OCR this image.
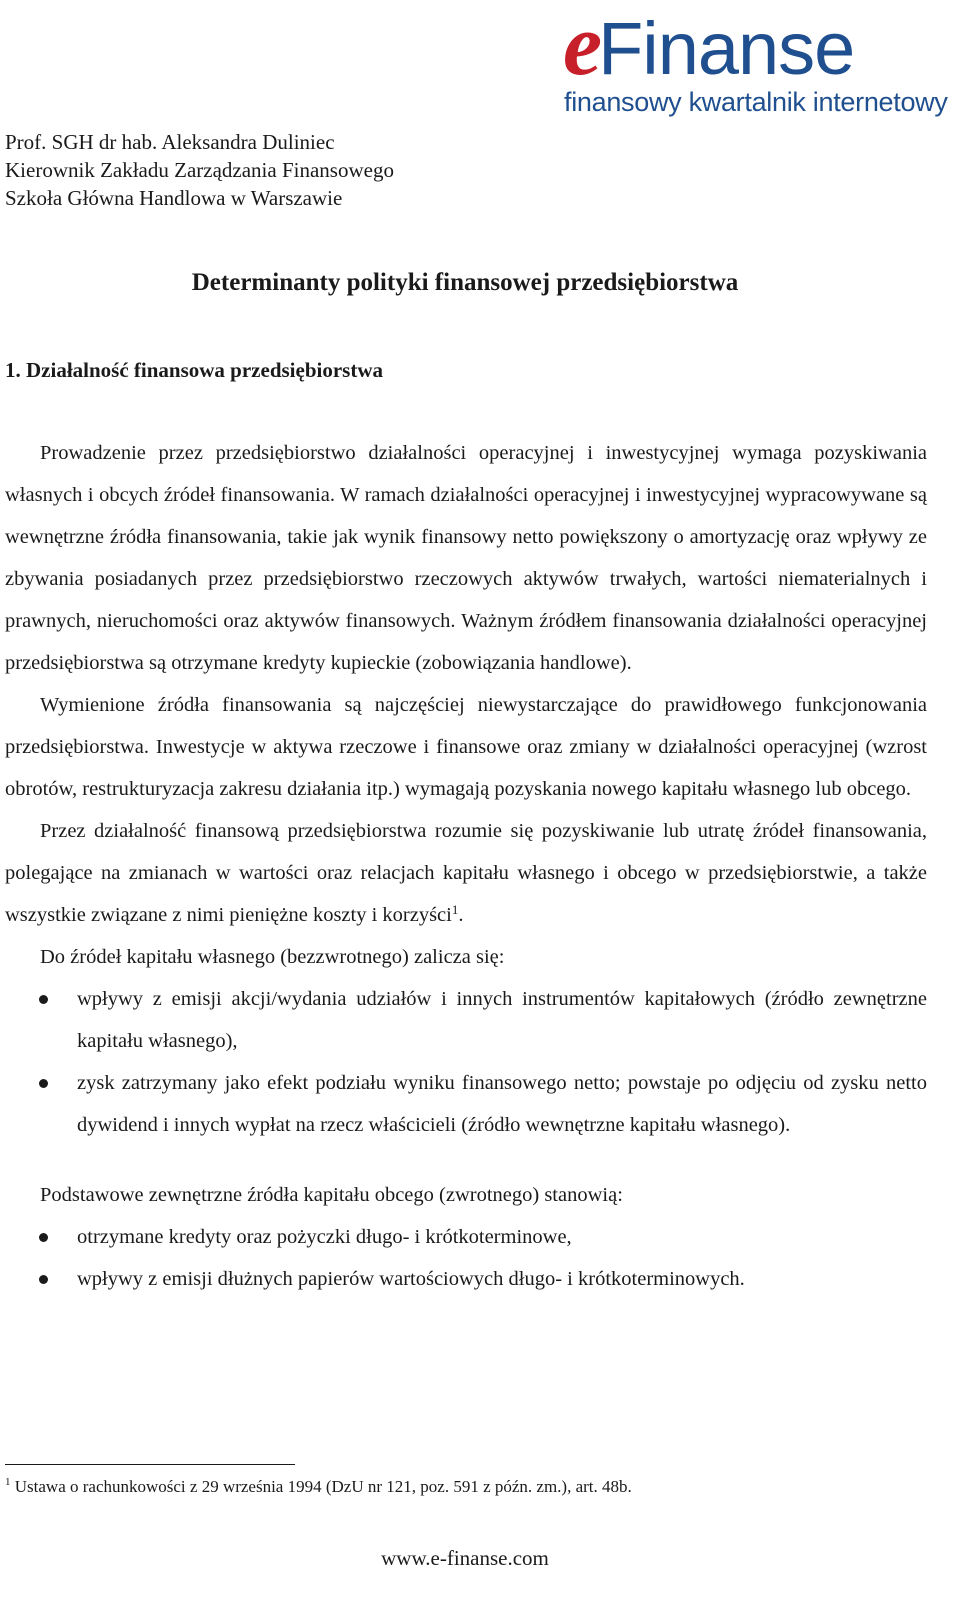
eFinanse
finansowy kwartalnik internetowy
Prof. SGH dr hab. Aleksandra Duliniec
Kierownik Zakładu Zarządzania Finansowego
Szkoła Główna Handlowa w Warszawie
Determinanty polityki finansowej przedsiębiorstwa
1. Działalność finansowa przedsiębiorstwa

Prowadzenie przez przedsiębiorstwo działalności operacyjnej i inwestycyjnej wymaga pozyskiwania własnych i obcych źródeł finansowania. W ramach działalności operacyjnej i inwestycyjnej wypracowywane są wewnętrzne źródła finansowania, takie jak wynik finansowy netto powiększony o amortyzację oraz wpływy ze zbywania posiadanych przez przedsiębiorstwo rzeczowych aktywów trwałych, wartości niematerialnych i prawnych, nieruchomości oraz aktywów finansowych. Ważnym źródłem finansowania działalności operacyjnej przedsiębiorstwa są otrzymane kredyty kupieckie (zobowiązania handlowe).

Wymienione źródła finansowania są najczęściej niewystarczające do prawidłowego funkcjonowania przedsiębiorstwa. Inwestycje w aktywa rzeczowe i finansowe oraz zmiany w działalności operacyjnej (wzrost obrotów, restrukturyzacja zakresu działania itp.) wymagają pozyskania nowego kapitału własnego lub obcego.

Przez działalność finansową przedsiębiorstwa rozumie się pozyskiwanie lub utratę źródeł finansowania, polegające na zmianach w wartości oraz relacjach kapitału własnego i obcego w przedsiębiorstwie, a także wszystkie związane z nimi pieniężne koszty i korzyści$^1$.

Do źródeł kapitału własnego (bezzwrotnego) zalicza się:

wpływy z emisji akcji/wydania udziałów i innych instrumentów kapitałowych (źródło zewnętrzne kapitału własnego),
zysk zatrzymany jako efekt podziału wyniku finansowego netto; powstaje po odjęciu od zysku netto dywidend i innych wypłat na rzecz właścicieli (źródło wewnętrzne kapitału własnego).

Podstawowe zewnętrzne źródła kapitału obcego (zwrotnego) stanowią:

otrzymane kredyty oraz pożyczki długo- i krótkoterminowe,
wpływy z emisji dłużnych papierów wartościowych długo- i krótkoterminowych.
$^1$ Ustawa o rachunkowości z 29 września 1994 (DzU nr 121, poz. 591 z późn. zm.), art. 48b.
www.e-finanse.com
